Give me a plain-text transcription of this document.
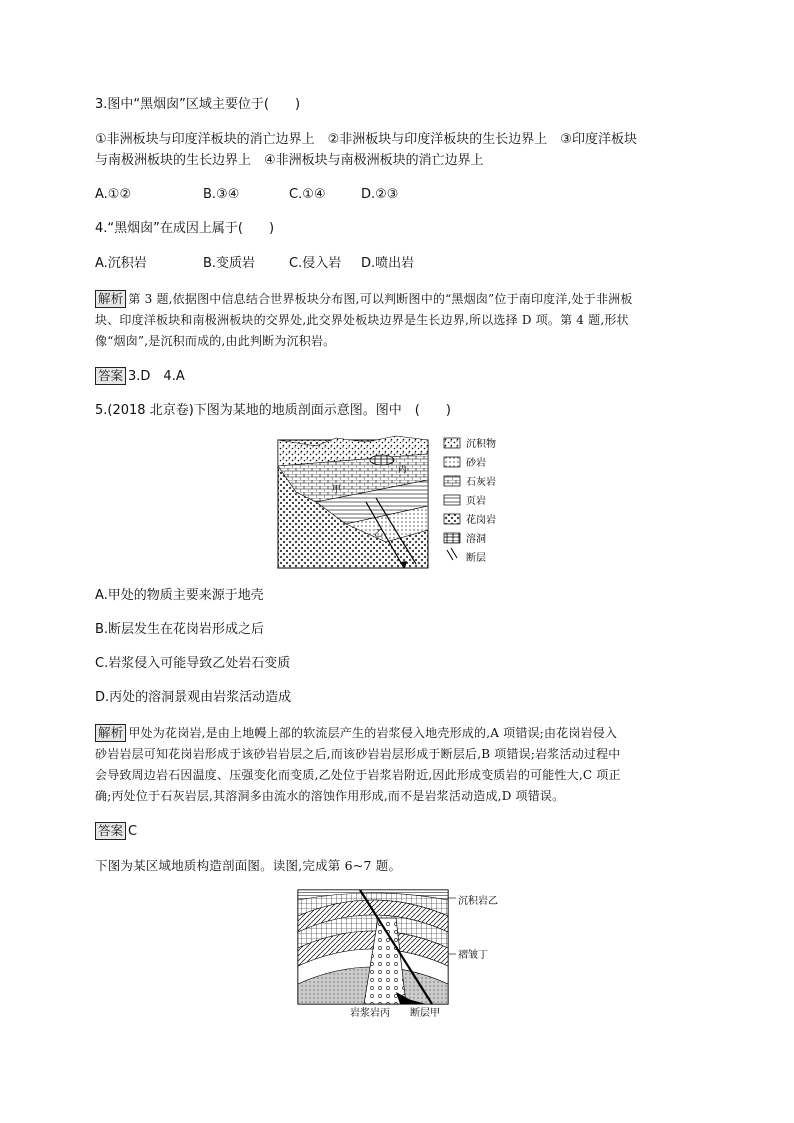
3.图中“黑烟囱”区域主要位于(　　)
①非洲板块与印度洋板块的消亡边界上　②非洲板块与印度洋板块的生长边界上　③印度洋板块
与南极洲板块的生长边界上　④非洲板块与南极洲板块的消亡边界上
A.①②	B.③④	C.①④	D.②③
4.“黑烟囱”在成因上属于(　　)
A.沉积岩	B.变质岩	C.侵入岩 D.喷出岩
解析 第 3 题,依据图中信息结合世界板块分布图,可以判断图中的“黑烟囱”位于南印度洋,处于非洲板
块、印度洋板块和南极洲板块的交界处,此交界处板块边界是生长边界,所以选择 D 项。第 4 题,形状
像“烟囱”,是沉积而成的,由此判断为沉积岩。
答案 3.D　4.A
5.(2018 北京卷)下图为某地的地质剖面示意图。图中　(　　)
丙
甲
乙
沉积物
砂岩
石灰岩
页岩
花岗岩
溶洞
断层
A.甲处的物质主要来源于地壳
B.断层发生在花岗岩形成之后
C.岩浆侵入可能导致乙处岩石变质
D.丙处的溶洞景观由岩浆活动造成
解析 甲处为花岗岩,是由上地幔上部的软流层产生的岩浆侵入地壳形成的,A 项错误;由花岗岩侵入
砂岩岩层可知花岗岩形成于该砂岩岩层之后,而该砂岩岩层形成于断层后,B 项错误;岩浆活动过程中
会导致周边岩石因温度、压强变化而变质,乙处位于岩浆岩附近,因此形成变质岩的可能性大,C 项正
确;丙处位于石灰岩层,其溶洞多由流水的溶蚀作用形成,而不是岩浆活动造成,D 项错误。
答案 C
下图为某区域地质构造剖面图。读图,完成第 6~7 题。
沉积岩乙
褶皱丁
岩浆岩丙 断层甲
